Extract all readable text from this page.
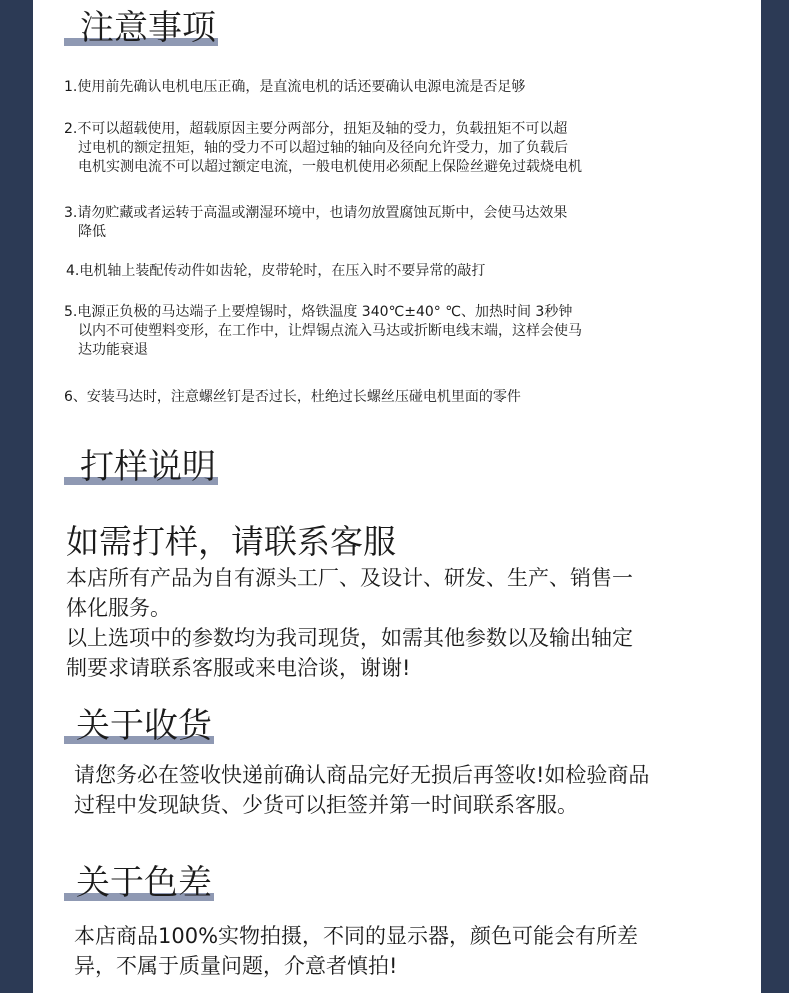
注意事项
1.使用前先确认电机电压正确，是直流电机的话还要确认电源电流是否足够
2.不可以超载使用，超载原因主要分两部分，扭矩及轴的受力，负载扭矩不可以超
过电机的额定扭矩，轴的受力不可以超过轴的轴向及径向允许受力，加了负载后
电机实测电流不可以超过额定电流，一般电机使用必须配上保险丝避免过载烧电机
3.请勿贮藏或者运转于高温或潮湿环境中，也请勿放置腐蚀瓦斯中，会使马达效果
降低
4.电机轴上装配传动件如齿轮，皮带轮时，在压入时不要异常的敲打
5.电源正负极的马达端子上要煌锡时，烙铁温度 340℃±40° ℃、加热时间 3秒钟
以内不可使塑料变形，在工作中，让焊锡点流入马达或折断电线末端，这样会使马
达功能衰退
6、安装马达时，注意螺丝钉是否过长，杜绝过长螺丝压碰电机里面的零件
打样说明
如需打样，请联系客服
本店所有产品为自有源头工厂、及设计、研发、生产、销售一
体化服务。
以上选项中的参数均为我司现货，如需其他参数以及输出轴定
制要求请联系客服或来电洽谈，谢谢!
关于收货
请您务必在签收快递前确认商品完好无损后再签收!如检验商品
过程中发现缺货、少货可以拒签并第一时间联系客服。
关于色差
本店商品100%实物拍摄，不同的显示器，颜色可能会有所差
异，不属于质量问题，介意者慎拍!
